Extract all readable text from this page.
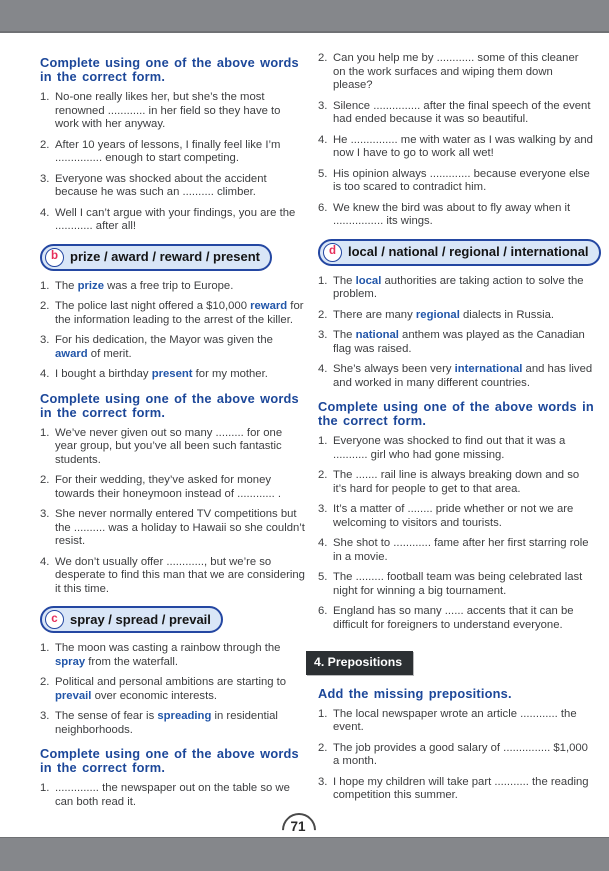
Complete using one of the above words in the correct form.
1. No-one really likes her, but she’s the most renowned ............ in her field so they have to work with her anyway.
2. After 10 years of lessons, I finally feel like I’m ............... enough to start competing.
3. Everyone was shocked about the accident because he was such an .......... climber.
4. Well I can’t argue with your findings, you are the ............ after all!
b prize / award / reward / present
1. The prize was a free trip to Europe.
2. The police last night offered a $10,000 reward for the information leading to the arrest of the killer.
3. For his dedication, the Mayor was given the award of merit.
4. I bought a birthday present for my mother.
Complete using one of the above words in the correct form.
1. We’ve never given out so many ......... for one year group, but you’ve all been such fantastic students.
2. For their wedding, they’ve asked for money towards their honeymoon instead of ............ .
3. She never normally entered TV competitions but the .......... was a holiday to Hawaii so she couldn’t resist.
4. We don’t usually offer ............, but we’re so desperate to find this man that we are considering it this time.
c spray / spread / prevail
1. The moon was casting a rainbow through the spray from the waterfall.
2. Political and personal ambitions are starting to prevail over economic interests.
3. The sense of fear is spreading in residential neighborhoods.
Complete using one of the above words in the correct form.
1. .............. the newspaper out on the table so we can both read it.
2. Can you help me by ............ some of this cleaner on the work surfaces and wiping them down please?
3. Silence ............... after the final speech of the event had ended because it was so beautiful.
4. He ............... me with water as I was walking by and now I have to go to work all wet!
5. His opinion always ............. because everyone else is too scared to contradict him.
6. We knew the bird was about to fly away when it ................ its wings.
d local / national / regional / international
1. The local authorities are taking action to solve the problem.
2. There are many regional dialects in Russia.
3. The national anthem was played as the Canadian flag was raised.
4. She’s always been very international and has lived and worked in many different countries.
Complete using one of the above words in the correct form.
1. Everyone was shocked to find out that it was a ........... girl who had gone missing.
2. The ....... rail line is always breaking down and so it’s hard for people to get to that area.
3. It’s a matter of ........ pride whether or not we are welcoming to visitors and tourists.
4. She shot to ............ fame after her first starring role in a movie.
5. The ......... football team was being celebrated last night for winning a big tournament.
6. England has so many ...... accents that it can be difficult for foreigners to understand everyone.
4. Prepositions
Add the missing prepositions.
1. The local newspaper wrote an article ............ the event.
2. The job provides a good salary of ............... $1,000 a month.
3. I hope my children will take part ........... the reading competition this summer.
71
